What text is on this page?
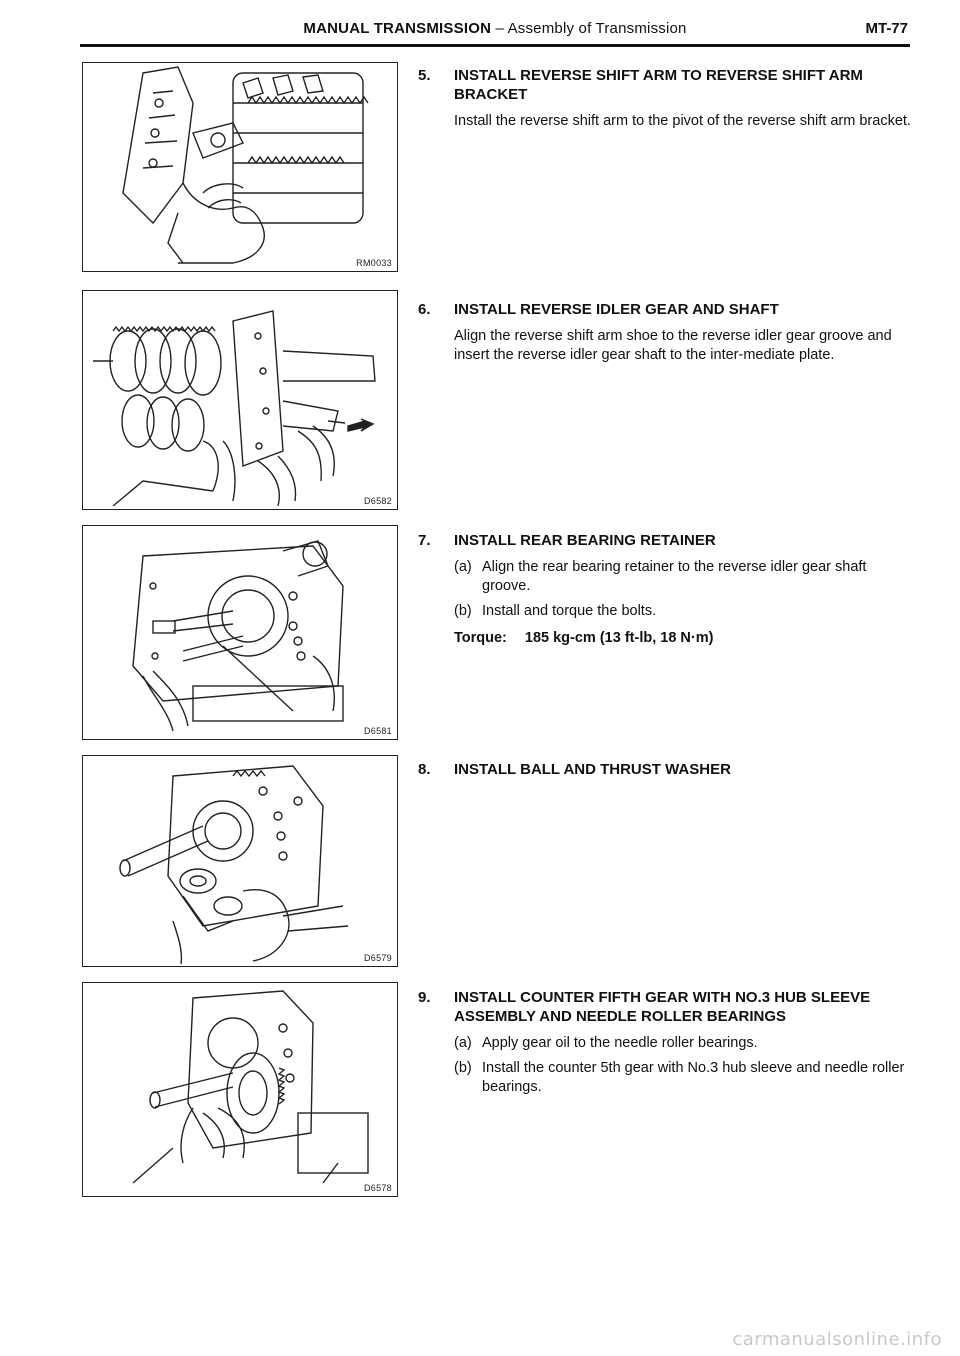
MANUAL TRANSMISSION – Assembly of Transmission	MT-77
RM0033
D6582
D6581
D6579
D6578
5.	INSTALL REVERSE SHIFT ARM TO REVERSE SHIFT ARM BRACKET
Install the reverse shift arm to the pivot of the reverse shift arm bracket.
6.	INSTALL REVERSE IDLER GEAR AND SHAFT
Align the reverse shift arm shoe to the reverse idler gear groove and insert the reverse idler gear shaft to the inter-mediate plate.
7.	INSTALL REAR BEARING RETAINER
(a) Align the rear bearing retainer to the reverse idler gear shaft groove.
(b) Install and torque the bolts.
Torque: 185 kg-cm (13 ft-lb, 18 N·m)
8.	INSTALL BALL AND THRUST WASHER
9.	INSTALL COUNTER FIFTH GEAR WITH NO.3 HUB SLEEVE ASSEMBLY AND NEEDLE ROLLER BEARINGS
(a) Apply gear oil to the needle roller bearings.
(b) Install the counter 5th gear with No.3 hub sleeve and needle roller bearings.
carmanualsonline.info
